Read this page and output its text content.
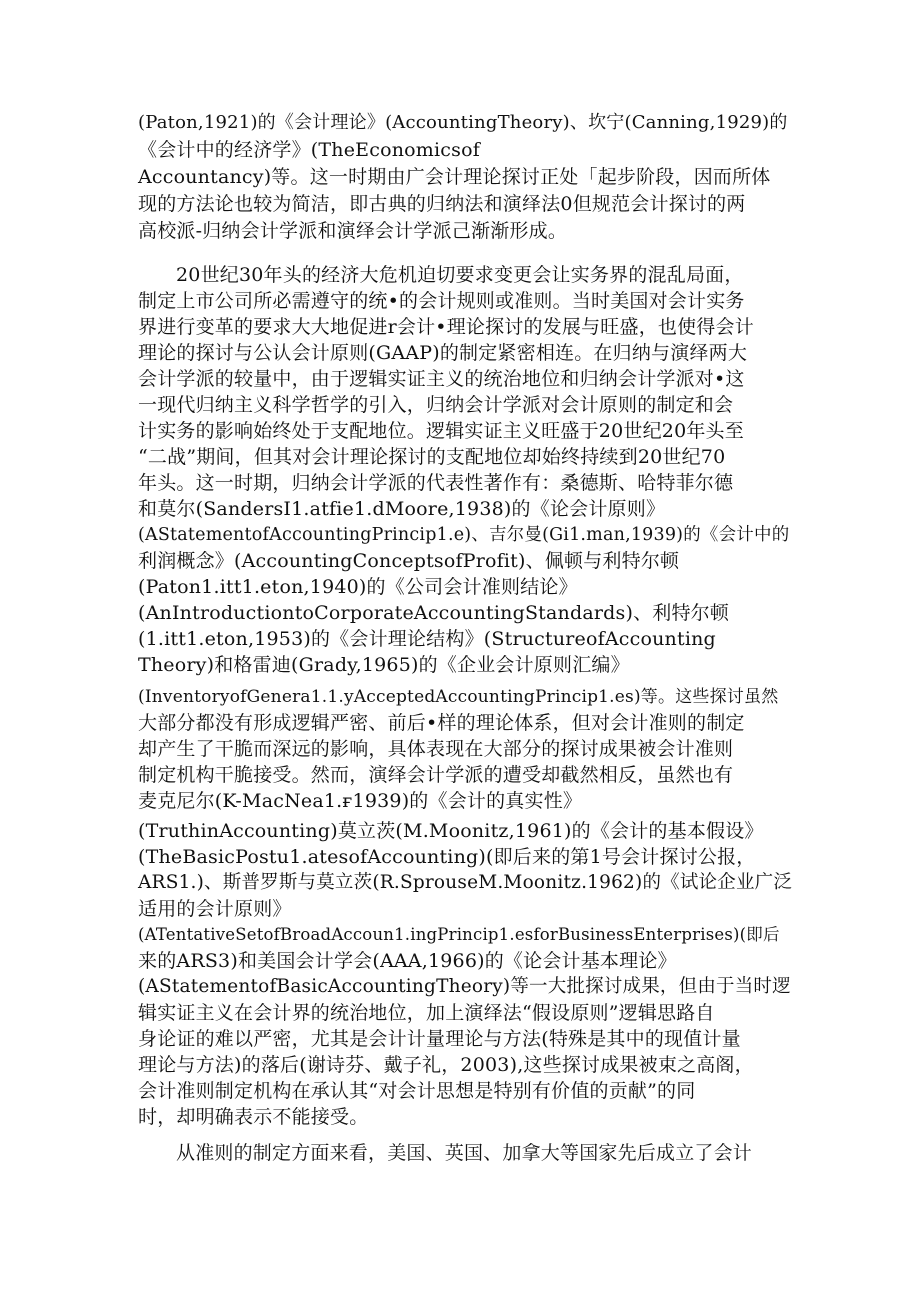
(Paton,1921)的《会计理论》(AccountingTheory)、坎宁(Canning,1929)的
《会计中的经济学》(TheEconomicsof
Accountancy)等。这一时期由广会计理论探讨正处「起步阶段，因而所体
现的方法论也较为简洁，即古典的归纳法和演绎法0但规范会计探讨的两
高校派-归纳会计学派和演绎会计学派己渐渐形成。
20世纪30年头的经济大危机迫切要求变更会让实务界的混乱局面，
制定上市公司所必需遵守的统•的会计规则或准则。当时美国对会计实务
界进行变革的要求大大地促进r会计•理论探讨的发展与旺盛，也使得会计
理论的探讨与公认会计原则(GAAP)的制定紧密相连。在归纳与演绎两大
会计学派的较量中，由于逻辑实证主义的统治地位和归纳会计学派对•这
一现代归纳主义科学哲学的引入，归纳会计学派对会计原则的制定和会
计实务的影响始终处于支配地位。逻辑实证主义旺盛于20世纪20年头至
“二战”期间，但其对会计理论探讨的支配地位却始终持续到20世纪70
年头。这一时期，归纳会计学派的代表性著作有：桑德斯、哈特菲尔德
和莫尔(SandersI1.atfie1.dMoore,1938)的《论会计原则》
(AStatementofAccountingPrincip1.e)、吉尔曼(Gi1.man,1939)的《会计中的
利润概念》(AccountingConceptsofProfit)、佩顿与利特尔顿
(Paton1.itt1.eton,1940)的《公司会计准则结论》
(AnIntroductiontoCorporateAccountingStandards)、利特尔顿
(1.itt1.eton,1953)的《会计理论结构》(StructureofAccounting
Theory)和格雷迪(Grady,1965)的《企业会计原则汇编》
(InventoryofGenera1.1.yAcceptedAccountingPrincip1.es)等。这些探讨虽然
大部分都没有形成逻辑严密、前后•样的理论体系，但对会计准则的制定
却产生了干脆而深远的影响，具体表现在大部分的探讨成果被会计准则
制定机构干脆接受。然而，演绎会计学派的遭受却截然相反，虽然也有
麦克尼尔(K-MacNea1.ғ1939)的《会计的真实性》
(TruthinAccounting)莫立茨(M.Moonitz,1961)的《会计的基本假设》
(TheBasicPostu1.atesofAccounting)(即后来的第1号会计探讨公报，
ARS1.)、斯普罗斯与莫立茨(R.SprouseM.Moonitz.1962)的《试论企业广泛
适用的会计原则》
(ATentativeSetofBroadAccoun1.ingPrincip1.esforBusinessEnterprises)(即后
来的ARS3)和美国会计学会(AAA,1966)的《论会计基本理论》
(AStatementofBasicAccountingTheory)等一大批探讨成果，但由于当时逻
辑实证主义在会计界的统治地位，加上演绎法“假设原则”逻辑思路自
身论证的难以严密，尤其是会计计量理论与方法(特殊是其中的现值计量
理论与方法)的落后(谢诗芬、戴子礼，2003),这些探讨成果被束之高阁，
会计准则制定机构在承认其“对会计思想是特别有价值的贡献”的同
时，却明确表示不能接受。
从准则的制定方面来看，美国、英国、加拿大等国家先后成立了会计
